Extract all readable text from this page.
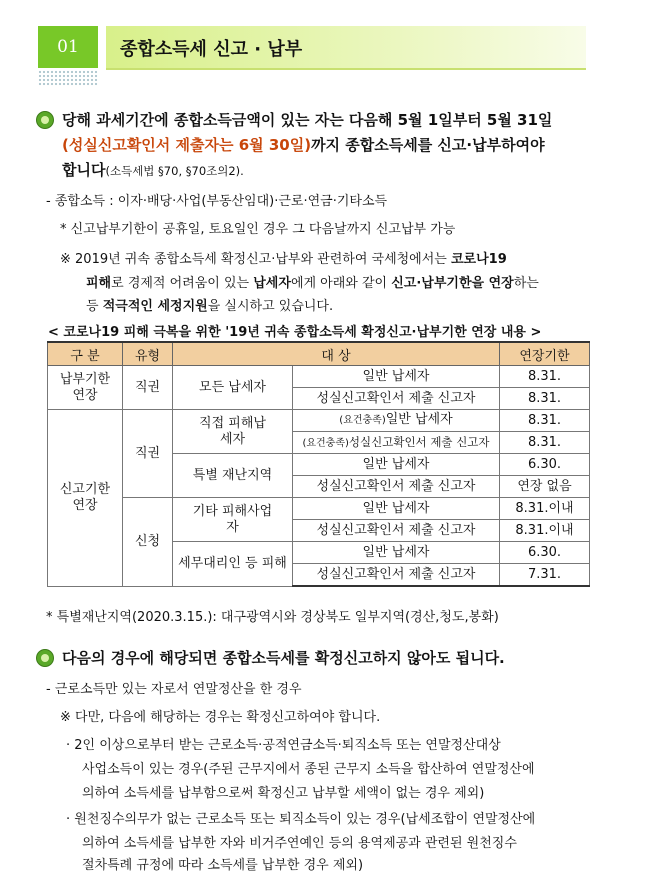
01	종합소득세 신고 · 납부
당해 과세기간에 종합소득금액이 있는 자는 다음해 5월 1일부터 5월 31일
(성실신고확인서 제출자는 6월 30일)까지 종합소득세를 신고·납부하여야
합니다(소득세법 §70, §70조의2).
- 종합소득 : 이자·배당·사업(부동산임대)·근로·연금·기타소득
* 신고납부기한이 공휴일, 토요일인 경우 그 다음날까지 신고납부 가능
※ 2019년 귀속 종합소득세 확정신고·납부와 관련하여 국세청에서는 코로나19
피해로 경제적 어려움이 있는 납세자에게 아래와 같이 신고·납부기한을 연장하는
등 적극적인 세정지원을 실시하고 있습니다.
< 코로나19 피해 극복을 위한 '19년 귀속 종합소득세 확정신고·납부기한 연장 내용 >
구 분	유형	대 상		연장기한

납부기한 연장	직권	모든 납세자	일반 납세자	8.31.
			성실신고확인서 제출 신고자	8.31.

신고기한 연장	직권	직접 피해납세자	(요건충족)일반 납세자	8.31.
			(요건충족)성실신고확인서 제출 신고자	8.31.
		특별 재난지역	일반 납세자	6.30.
			성실신고확인서 제출 신고자	연장 없음
	신청	기타 피해사업자	일반 납세자	8.31.이내
			성실신고확인서 제출 신고자	8.31.이내

		세무대리인 등 피해	일반 납세자	6.30.
			성실신고확인서 제출 신고자	7.31.
* 특별재난지역(2020.3.15.): 대구광역시와 경상북도 일부지역(경산,청도,봉화)
다음의 경우에 해당되면 종합소득세를 확정신고하지 않아도 됩니다.
- 근로소득만 있는 자로서 연말정산을 한 경우
※ 다만, 다음에 해당하는 경우는 확정신고하여야 합니다.
· 2인 이상으로부터 받는 근로소득·공적연금소득·퇴직소득 또는 연말정산대상
사업소득이 있는 경우(주된 근무지에서 종된 근무지 소득을 합산하여 연말정산에
의하여 소득세를 납부함으로써 확정신고 납부할 세액이 없는 경우 제외)
· 원천징수의무가 없는 근로소득 또는 퇴직소득이 있는 경우(납세조합이 연말정산에
의하여 소득세를 납부한 자와 비거주연예인 등의 용역제공과 관련된 원천징수
절차특례 규정에 따라 소득세를 납부한 경우 제외)
